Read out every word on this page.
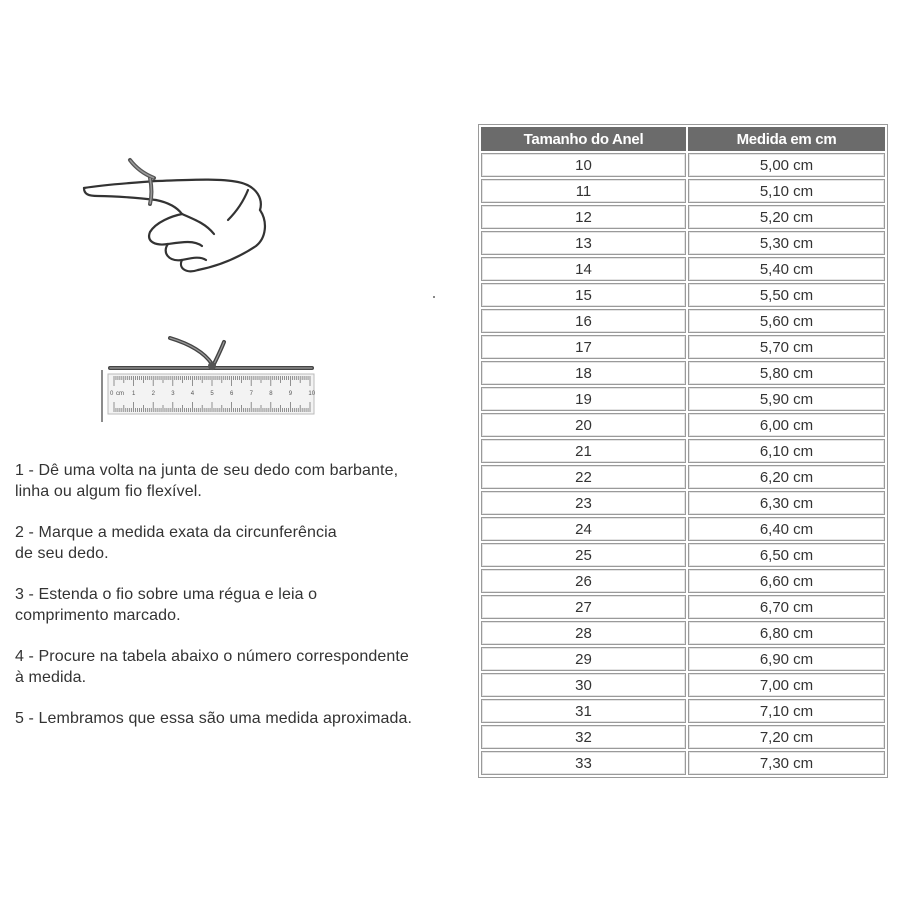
0 cm 1	2	3	4	5	6	7	8	9	10

1 - Dê uma volta na junta de seu dedo com barbante,
linha ou algum fio flexível.

2 - Marque a medida exata da circunferência
de seu dedo.

3 - Estenda o fio sobre uma régua e leia o
comprimento marcado.

4 - Procure na tabela abaixo o número correspondente
à medida.

5 - Lembramos que essa são uma medida aproximada.

Tamanho do Anel	Medida em cm
10	5,00 cm
11	5,10 cm
12	5,20 cm
13	5,30 cm
14	5,40 cm
15	5,50 cm
16	5,60 cm
17	5,70 cm
18	5,80 cm
19	5,90 cm
20	6,00 cm
21	6,10 cm
22	6,20 cm
23	6,30 cm
24	6,40 cm
25	6,50 cm
26	6,60 cm
27	6,70 cm
28	6,80 cm
29	6,90 cm
30	7,00 cm
31	7,10 cm
32	7,20 cm
33	7,30 cm
